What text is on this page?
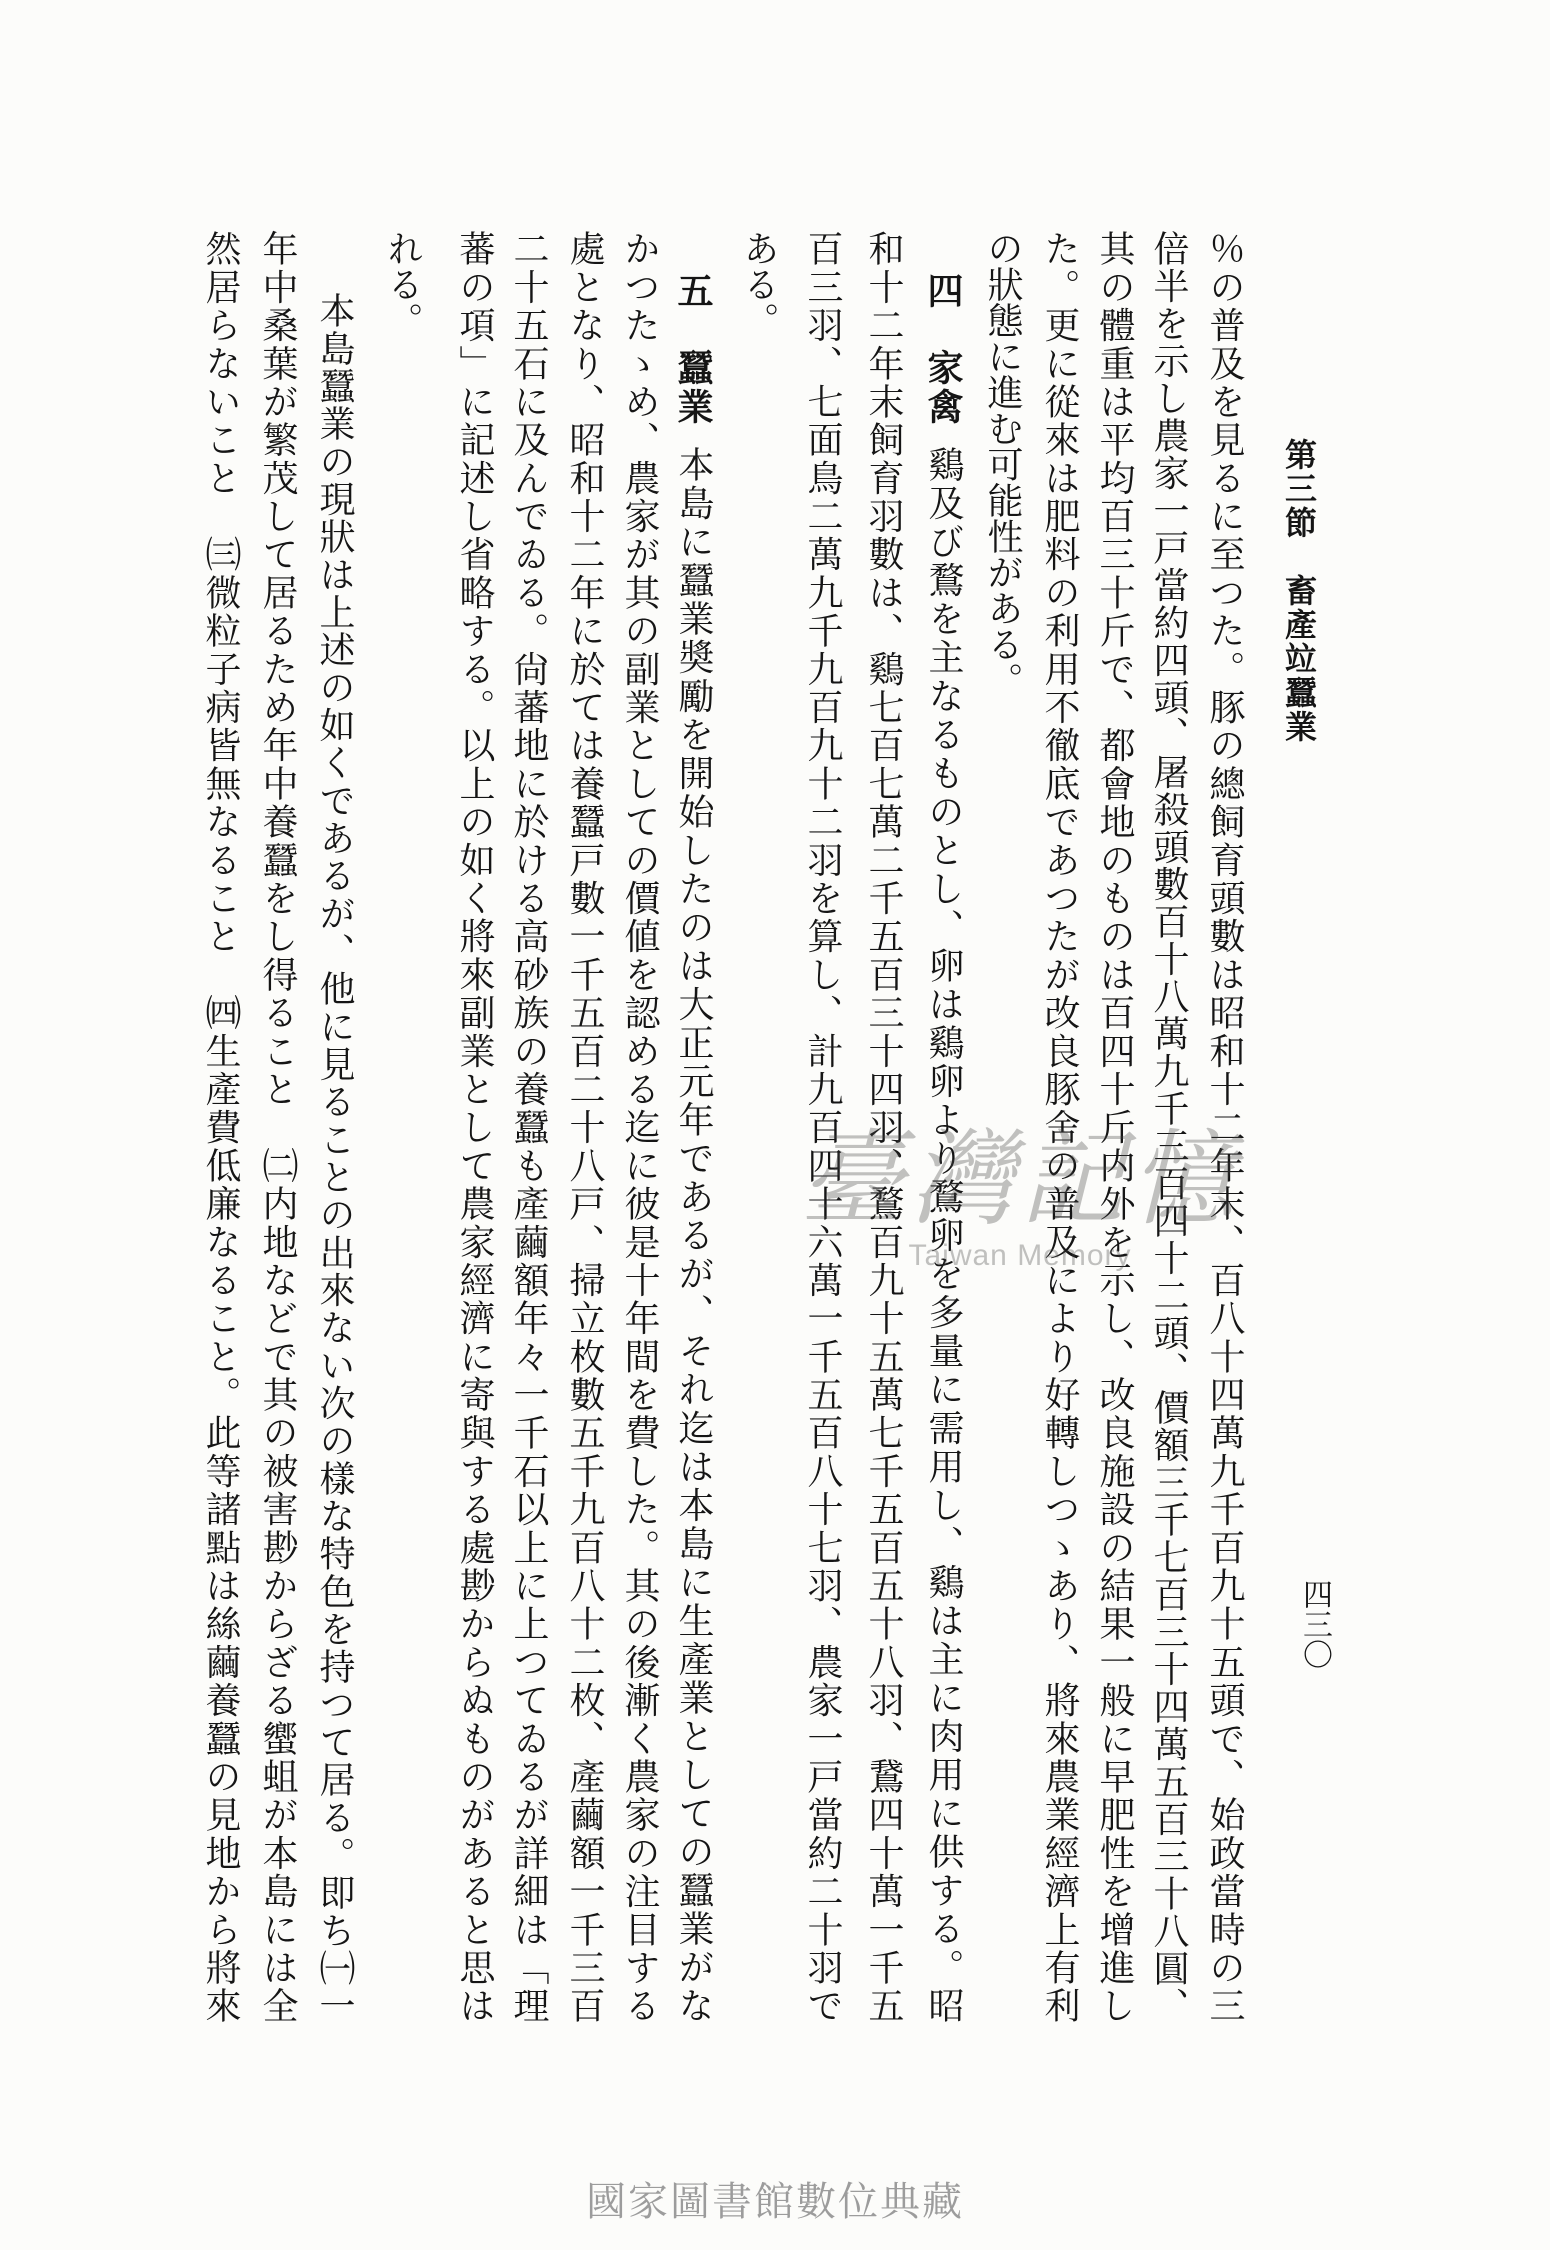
第三節　畜產竝蠶業
四三〇
％の普及を見るに至つた。豚の總飼育頭數は昭和十二年末、百八十四萬九千百九十五頭で、始政當時の三
倍半を示し農家一戸當約四頭、屠殺頭數百十八萬九千三百四十二頭、價額三千七百三十四萬五百三十八圓、
其の體重は平均百三十斤で、都會地のものは百四十斤内外を示し、改良施設の結果一般に早肥性を增進し
た。更に從來は肥料の利用不徹底であつたが改良豚舍の普及により好轉しつゝあり、將來農業經濟上有利
の狀態に進む可能性がある。
四　家禽鷄及び鶩を主なるものとし、卵は鷄卵より鶩卵を多量に需用し、鷄は主に肉用に供する。昭
和十二年末飼育羽數は、鷄七百七萬二千五百三十四羽、鶩百九十五萬七千五百五十八羽、鵞四十萬一千五
百三羽、七面鳥二萬九千九百九十二羽を算し、計九百四十六萬一千五百八十七羽、農家一戸當約二十羽で
ある。
五　蠶業本島に蠶業奬勵を開始したのは大正元年であるが、それ迄は本島に生產業としての蠶業がな
かつたゝめ、農家が其の副業としての價値を認める迄に彼是十年間を費した。其の後漸く農家の注目する
處となり、昭和十二年に於ては養蠶戸數一千五百二十八戸、掃立枚數五千九百八十二枚、產繭額一千三百
二十五石に及んでゐる。尙蕃地に於ける高砂族の養蠶も產繭額年々一千石以上に上つてゐるが詳細は「理
蕃の項」に記述し省略する。以上の如く將來副業として農家經濟に寄與する處尠からぬものがあると思は
れる。
本島蠶業の現狀は上述の如くであるが、他に見ることの出來ない次の樣な特色を持つて居る。即ち㈠一
年中桑葉が繁茂して居るため年中養蠶をし得ること　㈡内地などで其の被害尠からざる蠁蛆が本島には全
然居らないこと　㈢微粒子病皆無なること　㈣生產費低廉なること。此等諸點は絲繭養蠶の見地から將來	臺灣記憶
Taiwan Memory
國家圖書館數位典藏
